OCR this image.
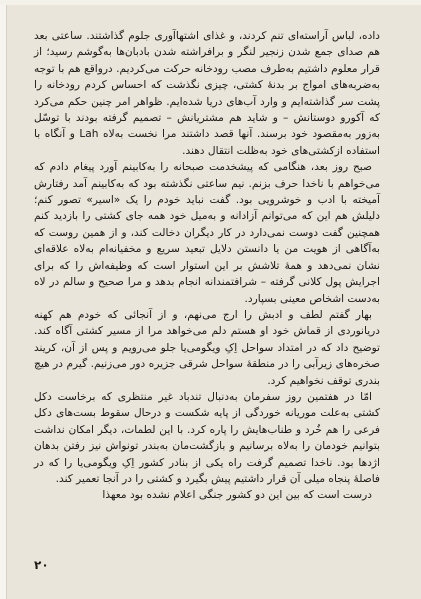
داده، لباس آراسته‌ای تنم کردند، و غذای اشتها‌آوری جلوم گذاشتند. ساعتی بعد هم صدای جمع شدن زنجیر لنگر و برافراشته شدن بادبان‌ها به‌گوشم رسید؛ از قرار معلوم داشتیم به‌طرف مصب رودخانه حرکت می‌کردیم. درواقع هم با توجه به‌ضربه‌های امواج بر بدنهٔ کشتی، چیزی نگذشت که احساس کردم رودخانه را پشت سر گذاشته‌ایم و وارد آب‌های دریا شده‌ایم. ظواهر امر چنین حکم می‌کرد که آکورو دوستانش – و شاید هم مشتریانش – تصمیم گرفته بودند با توسّل به‌زور به‌مقصود خود برسند. آنها قصد داشتند مرا نخست به‌لاه Lah و آنگاه با استفاده ازکشتی‌های خود به‌ظلت انتقال دهند.

صبح روز بعد، هنگامی که پیشخدمت صبحانه را به‌کابینم آورد پیغام دادم که می‌خواهم با ناخدا حرف بزنم. نیم ساعتی نگذشته بود که به‌کابینم آمد رفتارش آمیخته با ادب و خوشرویی بود. گفت نباید خودم را یک «اسیر» تصور کنم؛ دلیلش هم این که می‌توانم آزادانه و به‌میل خود همه جای کشتی را بازدید کنم همچنین گفت دوست نمی‌دارد در کار دیگران دخالت کند، و از همین روست که به‌آگاهی از هویت من یا دانستن دلایل تبعید سریع و مخفیانه‌ام به‌لاه علاقه‌ای نشان نمی‌دهد و همهٔ تلاشش بر این استوار است که وظیفه‌اش را که برای اجرایش پول کلانی گرفته – شرافتمندانه انجام بدهد و مرا صحیح و سالم در لاه به‌دست اشخاص معینی بسپارد.

بهار گفتم لطف و ادبش را ارج می‌نهم، و از آنجائی که خودم هم کهنه دریانوردی از قماش خود او هستم دلم می‌خواهد مرا از مسیر کشتی آگاه کند. توضیح داد که در امتداد سواحل اِکِ ویگومی‌یا جلو می‌رویم و پس از آن، کریند صخره‌های زیرآبی را در منطقهٔ سواحل شرقی جزیره دور می‌زنیم. گیرم در هیچ بندری توقف نخواهیم کرد.

امّا در هفتمین روز سفرمان به‌دنبال تندباد غیر منتظری که برخاست دکل کشتی به‌علت موریانه خوردگی از پایه شکست و درحال سقوط بست‌های دکل فرعی را هم خُرد و طناب‌هایش را پاره کرد. با این لطمات، دیگر امکان نداشت بتوانیم خودمان را به‌لاه برسانیم و بازگشت‌مان به‌بندر تونواش نیز رفتن بدهان اژدها بود. ناخدا تصمیم گرفت راه یکی از بنادر کشور اِکِ ویگومی‌یا را که در فاصلهٔ پنجاه میلی آن قرار داشتیم پیش بگیرد و کشتی را در آنجا تعمیر کند.

درست است که بین این دو کشور جنگی اعلام نشده بود معهذا

۲۰
